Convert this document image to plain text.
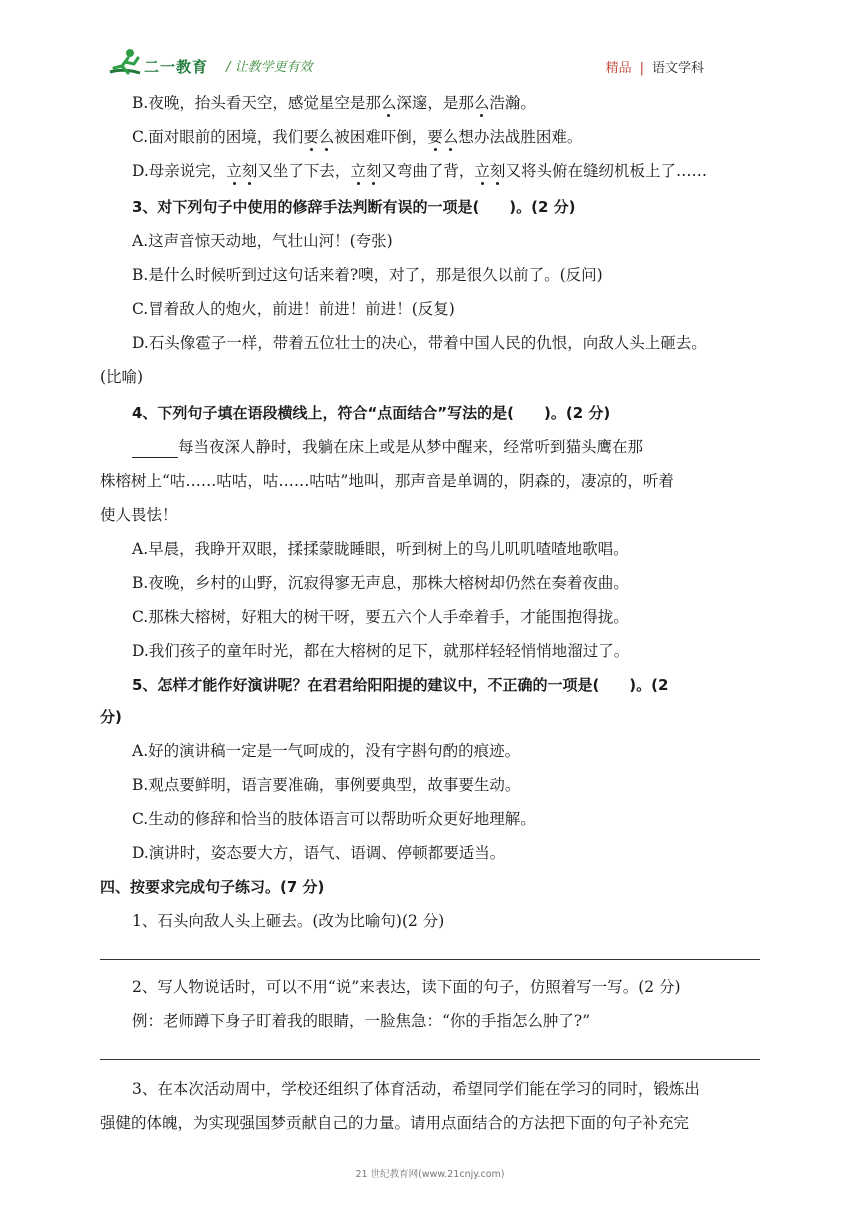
二一教育 / 让教学更有效	精品 | 语文学科
B.夜晚，抬头看天空，感觉星空是那么深邃，是那么浩瀚。
C.面对眼前的困境，我们要么被困难吓倒，要么想办法战胜困难。
D.母亲说完，立刻又坐了下去，立刻又弯曲了背，立刻又将头俯在缝纫机板上了……
3、对下列句子中使用的修辞手法判断有误的一项是(　　)。(2 分)
A.这声音惊天动地，气壮山河！(夸张)
B.是什么时候听到过这句话来着?噢，对了，那是很久以前了。(反问)
C.冒着敌人的炮火，前进！前进！前进！(反复)
D.石头像雹子一样，带着五位壮士的决心，带着中国人民的仇恨，向敌人头上砸去。
(比喻)
4、下列句子填在语段横线上，符合“点面结合”写法的是(　　)。(2 分)
每当夜深人静时，我躺在床上或是从梦中醒来，经常听到猫头鹰在那
株榕树上“咕……咕咕，咕……咕咕”地叫，那声音是单调的，阴森的，凄凉的，听着
使人畏怯！
A.早晨，我睁开双眼，揉揉蒙眬睡眼，听到树上的鸟儿叽叽喳喳地歌唱。
B.夜晚，乡村的山野，沉寂得寥无声息，那株大榕树却仍然在奏着夜曲。
C.那株大榕树，好粗大的树干呀，要五六个人手牵着手，才能围抱得拢。
D.我们孩子的童年时光，都在大榕树的足下，就那样轻轻悄悄地溜过了。
5、怎样才能作好演讲呢？在君君给阳阳提的建议中，不正确的一项是(　　)。(2
分)
A.好的演讲稿一定是一气呵成的，没有字斟句酌的痕迹。
B.观点要鲜明，语言要准确，事例要典型，故事要生动。
C.生动的修辞和恰当的肢体语言可以帮助听众更好地理解。
D.演讲时，姿态要大方，语气、语调、停顿都要适当。
四、按要求完成句子练习。(7 分)
1、石头向敌人头上砸去。(改为比喻句)(2 分)
2、写人物说话时，可以不用“说”来表达，读下面的句子，仿照着写一写。(2 分)
例：老师蹲下身子盯着我的眼睛，一脸焦急：“你的手指怎么肿了?”
3、在本次活动周中，学校还组织了体育活动，希望同学们能在学习的同时，锻炼出
强健的体魄，为实现强国梦贡献自己的力量。请用点面结合的方法把下面的句子补充完
21 世纪教育网(www.21cnjy.com)
